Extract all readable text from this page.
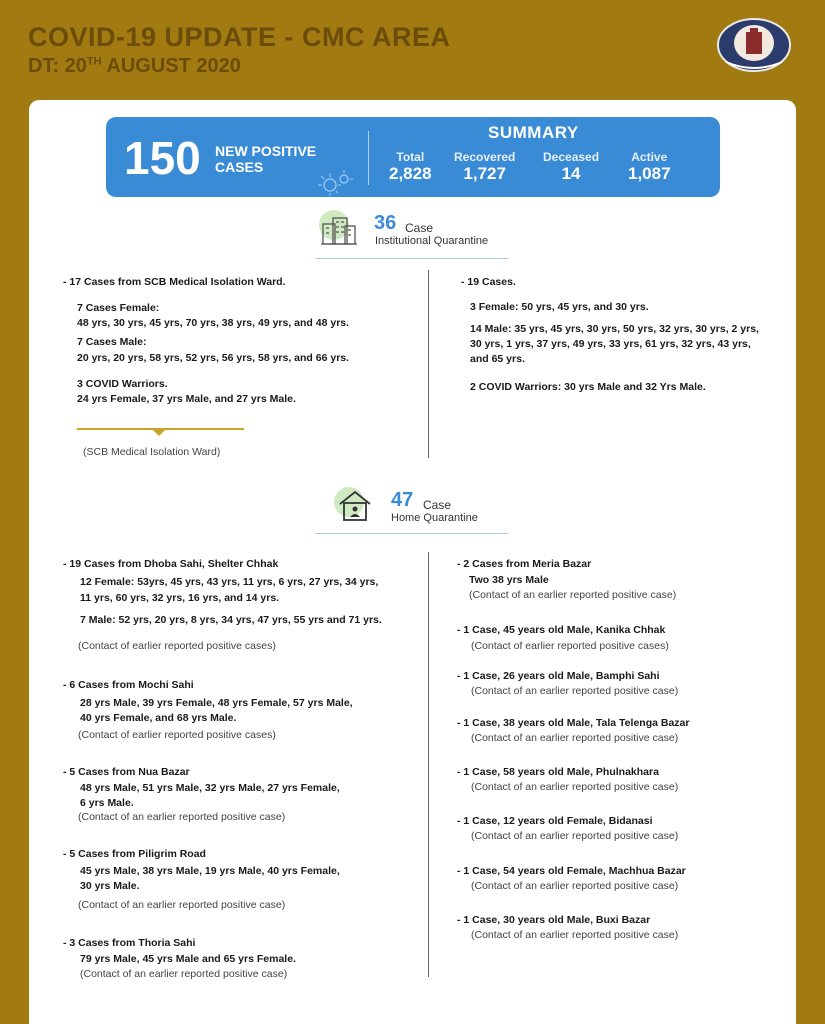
COVID-19 UPDATE - CMC AREA
DT: 20TH AUGUST 2020
150 NEW POSITIVE CASES
SUMMARY
Total
2,828
Recovered
1,727
Deceased
14
Active
1,087
36 Case
Institutional Quarantine
- 17 Cases from SCB Medical Isolation Ward.
7 Cases Female:
48 yrs, 30 yrs, 45 yrs, 70 yrs, 38 yrs, 49 yrs, and 48 yrs.
7 Cases Male:
20 yrs, 20 yrs, 58 yrs, 52 yrs, 56 yrs, 58 yrs, and 66 yrs.
3 COVID Warriors.
24 yrs Female, 37 yrs Male, and 27 yrs Male.
(SCB Medical Isolation Ward)
- 19 Cases.
3 Female: 50 yrs, 45 yrs, and 30 yrs.
14 Male: 35 yrs, 45 yrs, 30 yrs, 50 yrs, 32 yrs, 30 yrs, 2 yrs,
30 yrs, 1 yrs, 37 yrs, 49 yrs, 33 yrs, 61 yrs, 32 yrs, 43 yrs,
and 65 yrs.
2 COVID Warriors: 30 yrs Male and 32 Yrs Male.
47 Case
Home Quarantine
- 19 Cases from Dhoba Sahi, Shelter Chhak
12 Female: 53yrs, 45 yrs, 43 yrs, 11 yrs, 6 yrs, 27 yrs, 34 yrs,
11 yrs, 60 yrs, 32 yrs, 16 yrs, and 14 yrs.
7 Male: 52 yrs, 20 yrs, 8 yrs, 34 yrs, 47 yrs, 55 yrs and 71 yrs.
(Contact of earlier reported positive cases)
- 6 Cases from Mochi Sahi
28 yrs Male, 39 yrs Female, 48 yrs Female, 57 yrs Male,
40 yrs Female, and 68 yrs Male.
(Contact of earlier reported positive cases)
- 5 Cases from Nua Bazar
48 yrs Male, 51 yrs Male, 32 yrs Male, 27 yrs Female,
6 yrs Male.
(Contact of an earlier reported positive case)
- 5 Cases from Piligrim Road
45 yrs Male, 38 yrs Male, 19 yrs Male, 40 yrs Female,
30 yrs Male.
(Contact of an earlier reported positive case)
- 3 Cases from Thoria Sahi
79 yrs Male, 45 yrs Male and 65 yrs Female.
(Contact of an earlier reported positive case)
- 2 Cases from Meria Bazar
Two 38 yrs Male
(Contact of an earlier reported positive case)
- 1 Case, 45 years old Male, Kanika Chhak
(Contact of earlier reported positive cases)
- 1 Case, 26 years old Male, Bamphi Sahi
(Contact of an earlier reported positive case)
- 1 Case, 38 years old Male, Tala Telenga Bazar
(Contact of an earlier reported positive case)
- 1 Case, 58 years old Male, Phulnakhara
(Contact of an earlier reported positive case)
- 1 Case, 12 years old Female, Bidanasi
(Contact of an earlier reported positive case)
- 1 Case, 54 years old Female, Machhua Bazar
(Contact of an earlier reported positive case)
- 1 Case, 30 years old Male, Buxi Bazar
(Contact of an earlier reported positive case)
